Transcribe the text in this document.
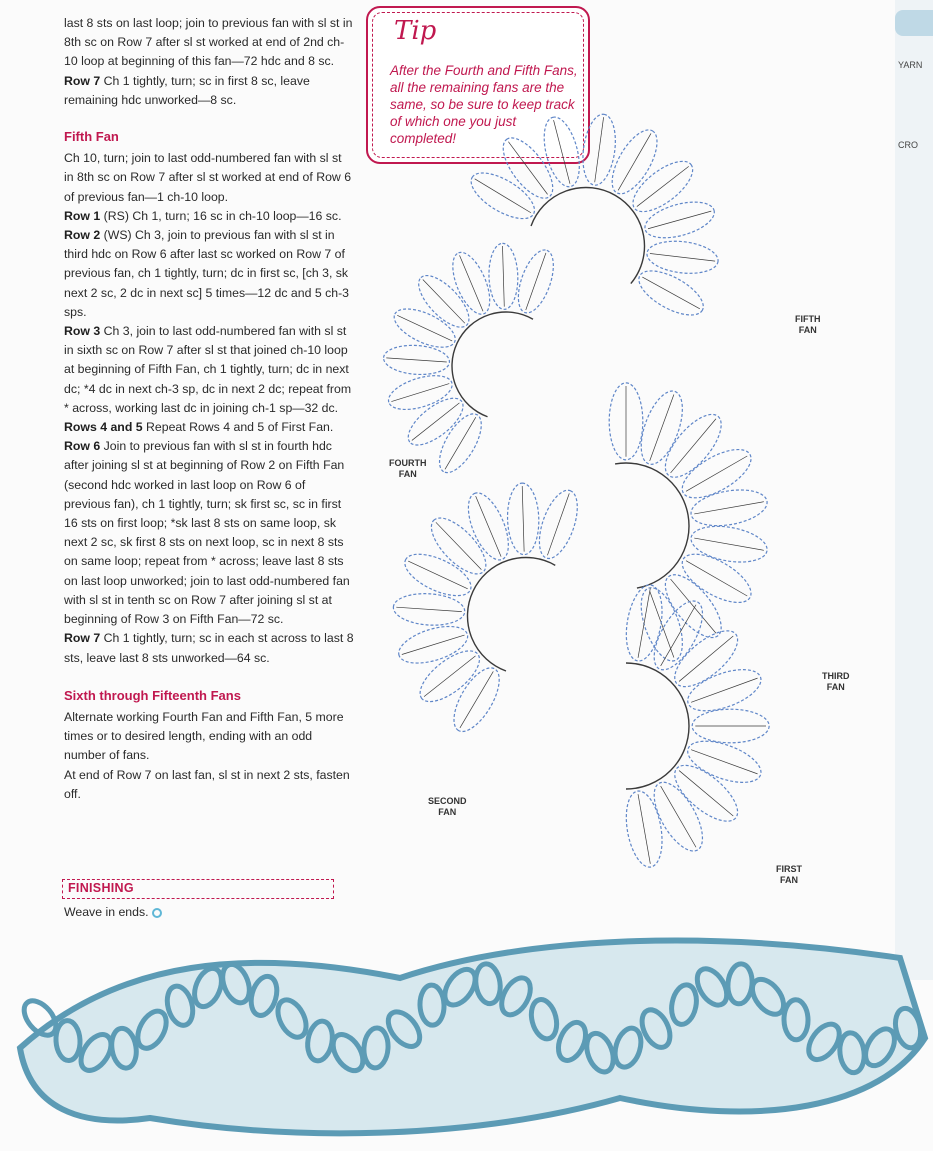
last 8 sts on last loop; join to previous fan with sl st in 8th sc on Row 7 after sl st worked at end of 2nd ch-10 loop at beginning of this fan—72 hdc and 8 sc.

Row 7 Ch 1 tightly, turn; sc in first 8 sc, leave remaining hdc unworked—8 sc.

Fifth Fan

Ch 10, turn; join to last odd-numbered fan with sl st in 8th sc on Row 7 after sl st worked at end of Row 6 of previous fan—1 ch-10 loop.

Row 1 (RS) Ch 1, turn; 16 sc in ch-10 loop—16 sc.

Row 2 (WS) Ch 3, join to previous fan with sl st in third hdc on Row 6 after last sc worked on Row 7 of previous fan, ch 1 tightly, turn; dc in first sc, [ch 3, sk next 2 sc, 2 dc in next sc] 5 times—12 dc and 5 ch-3 sps.

Row 3 Ch 3, join to last odd-numbered fan with sl st in sixth sc on Row 7 after sl st that joined ch-10 loop at beginning of Fifth Fan, ch 1 tightly, turn; dc in next dc; *4 dc in next ch-3 sp, dc in next 2 dc; repeat from * across, working last dc in joining ch-1 sp—32 dc.

Rows 4 and 5 Repeat Rows 4 and 5 of First Fan.

Row 6 Join to previous fan with sl st in fourth hdc after joining sl st at beginning of Row 2 on Fifth Fan (second hdc worked in last loop on Row 6 of previous fan), ch 1 tightly, turn; sk first sc, sc in first 16 sts on first loop; *sk last 8 sts on same loop, sk next 2 sc, sk first 8 sts on next loop, sc in next 8 sts on same loop; repeat from * across; leave last 8 sts on last loop unworked; join to last odd-numbered fan with sl st in tenth sc on Row 7 after joining sl st at beginning of Row 3 on Fifth Fan—72 sc.

Row 7 Ch 1 tightly, turn; sc in each st across to last 8 sts, leave last 8 sts unworked—64 sc.

Sixth through Fifteenth Fans

Alternate working Fourth Fan and Fifth Fan, 5 more times or to desired length, ending with an odd number of fans.

At end of Row 7 on last fan, sl st in next 2 sts, fasten off.

FINISHING
Weave in ends.
Tip
After the Fourth and Fifth Fans, all the remaining fans are the same, so be sure to keep track of which one you just completed!
YARN
CRO
FIFTH
FAN
FOURTH
FAN
THIRD
FAN
SECOND
FAN
FIRST
FAN
